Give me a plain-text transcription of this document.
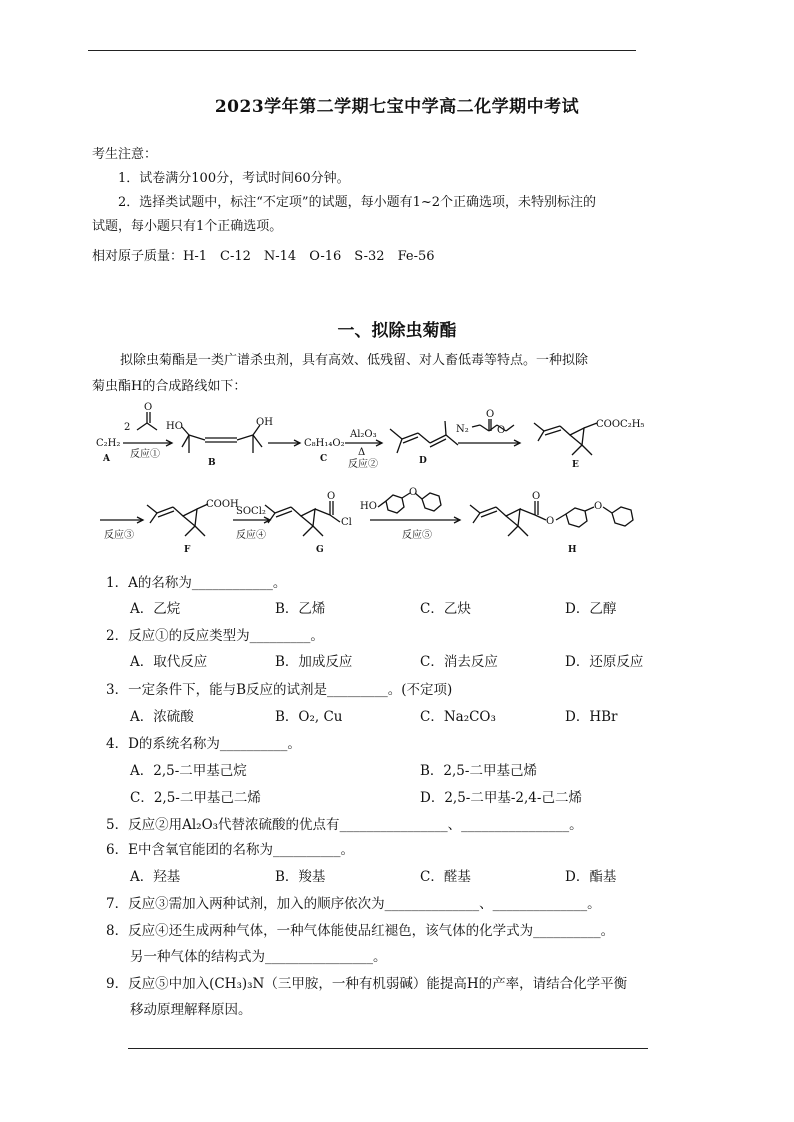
2023学年第二学期七宝中学高二化学期中考试
考生注意：
1．试卷满分100分，考试时间60分钟。
2．选择类试题中，标注“不定项”的试题，每小题有1~2个正确选项，未特别标注的
试题，每小题只有1个正确选项。
相对原子质量：H-1　C-12　N-14　O-16　S-32　Fe-56
一、拟除虫菊酯
拟除虫菊酯是一类广谱杀虫剂，具有高效、低残留、对人畜低毒等特点。一种拟除
菊虫酯H的合成路线如下：
C₂H₂
A
2
反应①
O
HO	OH
B
C₈H₁₄O₂
C
Al₂O₃
Δ
反应②	D
N₂
O
O
COOC₂H₅
E
反应③
COOH
F
SOCl₂
反应④
O
Cl
G
HO
O
反应⑤
O
O
O
H
1．A的名称为____________。
A．乙烷	B．乙烯	C．乙炔	D．乙醇
2．反应①的反应类型为_________。
A．取代反应	B．加成反应	C．消去反应	D．还原反应
3．一定条件下，能与B反应的试剂是_________。(不定项)
A．浓硫酸	B．O₂, Cu	C．Na₂CO₃	D．HBr
4．D的系统名称为__________。
A．2,5-二甲基己烷	B．2,5-二甲基己烯
C．2,5-二甲基己二烯	D．2,5-二甲基-2,4-己二烯
5．反应②用Al₂O₃代替浓硫酸的优点有________________、________________。
6．E中含氧官能团的名称为__________。
A．羟基	B．羧基	C．醛基	D．酯基
7．反应③需加入两种试剂，加入的顺序依次为______________、______________。
8．反应④还生成两种气体，一种气体能使品红褪色，该气体的化学式为__________。
另一种气体的结构式为________________。
9．反应⑤中加入(CH₃)₃N（三甲胺，一种有机弱碱）能提高H的产率，请结合化学平衡
移动原理解释原因。
